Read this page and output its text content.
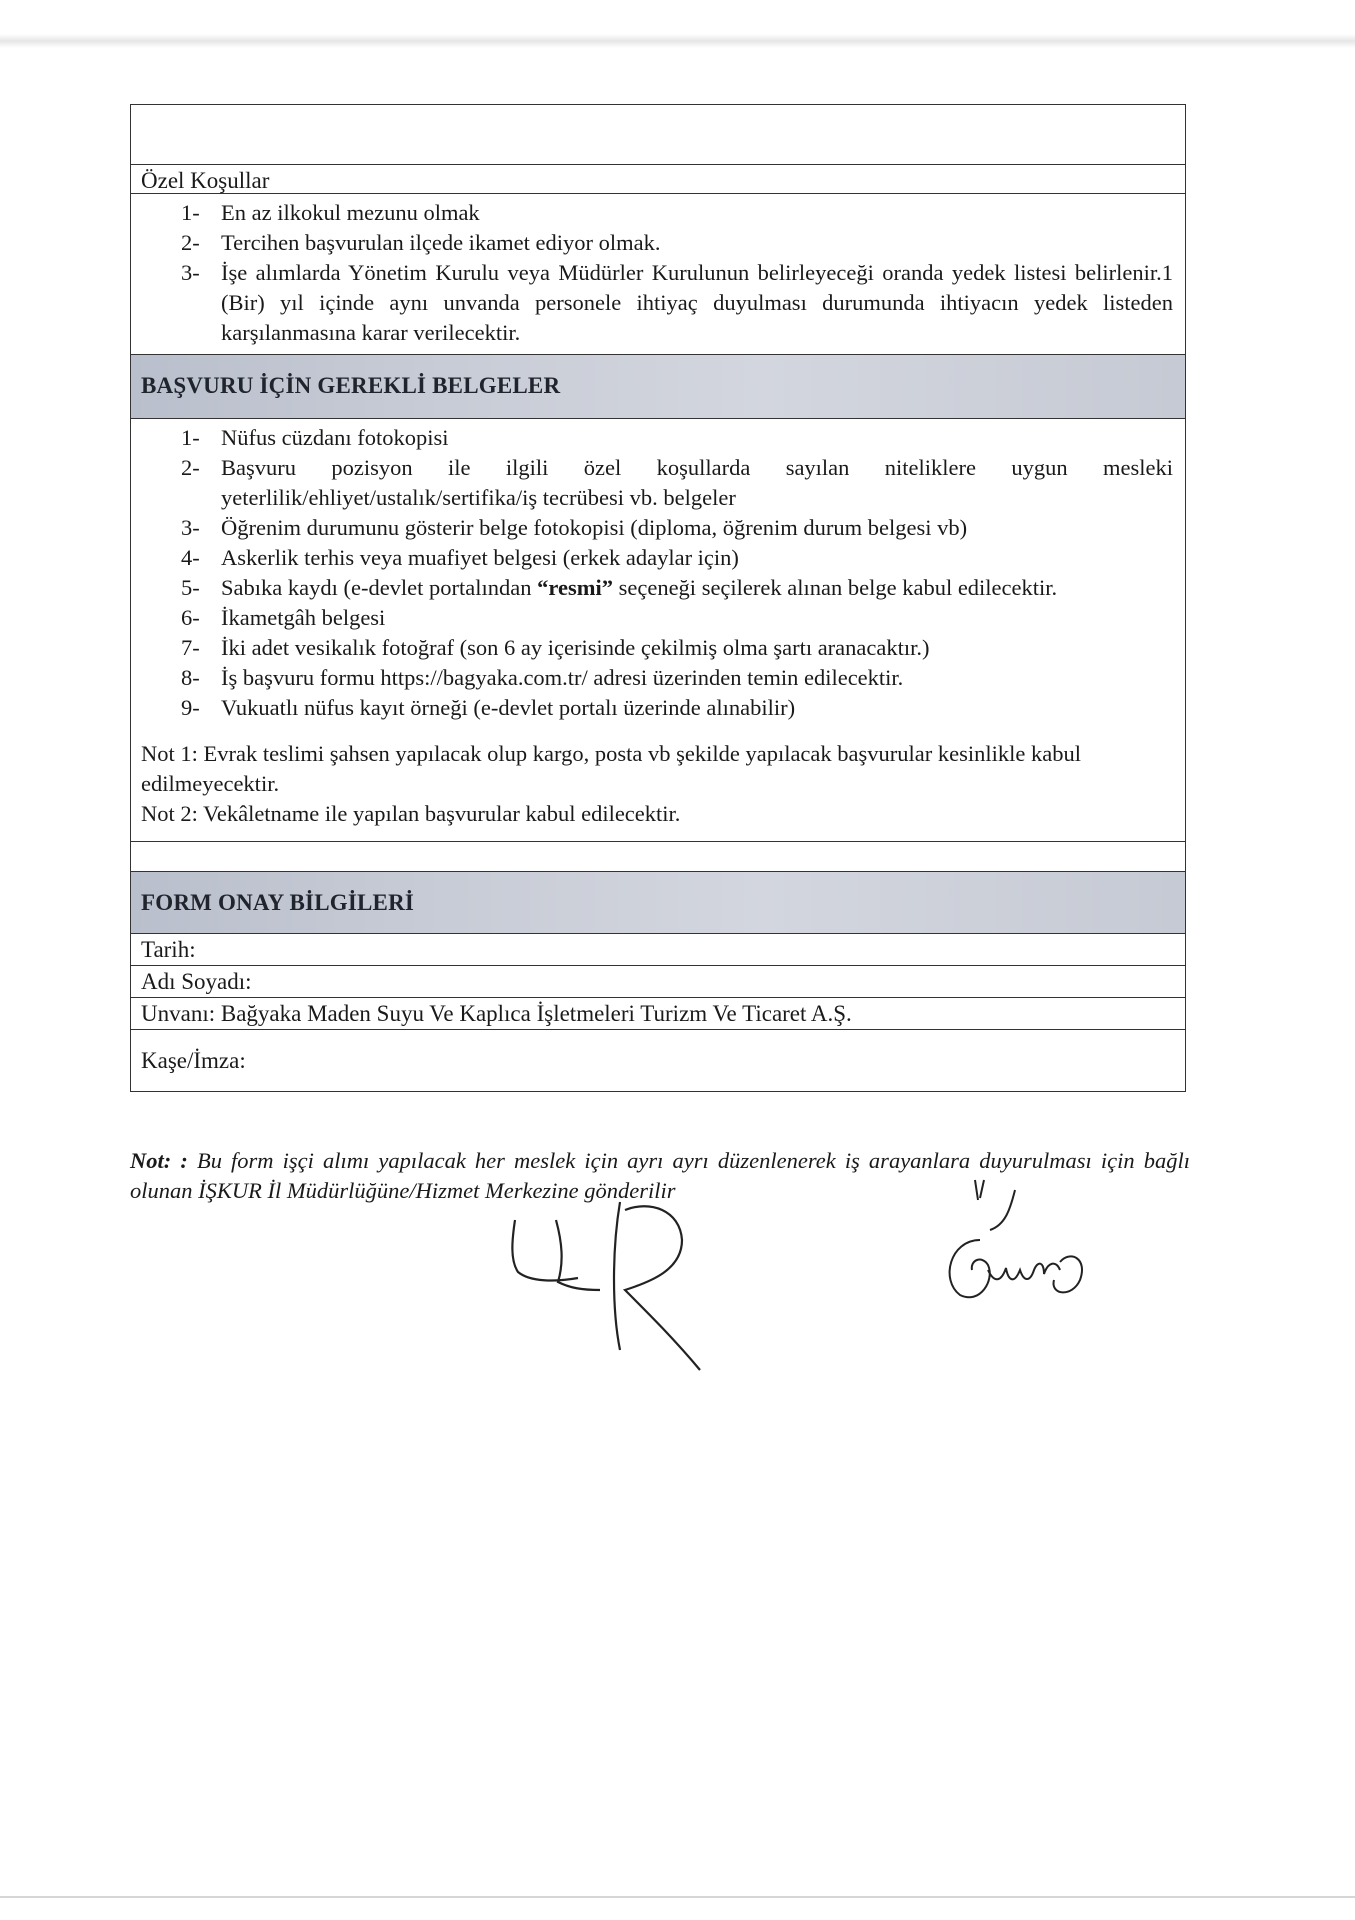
Özel Koşullar
1- En az ilkokul mezunu olmak
2- Tercihen başvurulan ilçede ikamet ediyor olmak.
3- İşe alımlarda Yönetim Kurulu veya Müdürler Kurulunun belirleyeceği oranda yedek listesi belirlenir.1 (Bir) yıl içinde aynı unvanda personele ihtiyaç duyulması durumunda ihtiyacın yedek listeden karşılanmasına karar verilecektir.
BAŞVURU İÇİN GEREKLİ BELGELER
1- Nüfus cüzdanı fotokopisi
2- Başvuru pozisyon ile ilgili özel koşullarda sayılan niteliklere uygun mesleki yeterlilik/ehliyet/ustalık/sertifika/iş tecrübesi vb. belgeler
3- Öğrenim durumunu gösterir belge fotokopisi (diploma, öğrenim durum belgesi vb)
4- Askerlik terhis veya muafiyet belgesi (erkek adaylar için)
5- Sabıka kaydı (e-devlet portalından “resmi” seçeneği seçilerek alınan belge kabul edilecektir.
6- İkametgâh belgesi
7- İki adet vesikalık fotoğraf (son 6 ay içerisinde çekilmiş olma şartı aranacaktır.)
8- İş başvuru formu https://bagyaka.com.tr/ adresi üzerinden temin edilecektir.
9- Vukuatlı nüfus kayıt örneği (e-devlet portalı üzerinde alınabilir)

Not 1: Evrak teslimi şahsen yapılacak olup kargo, posta vb şekilde yapılacak başvurular kesinlikle kabul edilmeyecektir.

Not 2: Vekâletname ile yapılan başvurular kabul edilecektir.

FORM ONAY BİLGİLERİ
Tarih:
Adı Soyadı:
Unvanı: Bağyaka Maden Suyu Ve Kaplıca İşletmeleri Turizm Ve Ticaret A.Ş.
Kaşe/İmza:
Not: : Bu form işçi alımı yapılacak her meslek için ayrı ayrı düzenlenerek iş arayanlara duyurulması için bağlı olunan İŞKUR İl Müdürlüğüne/Hizmet Merkezine gönderilir
